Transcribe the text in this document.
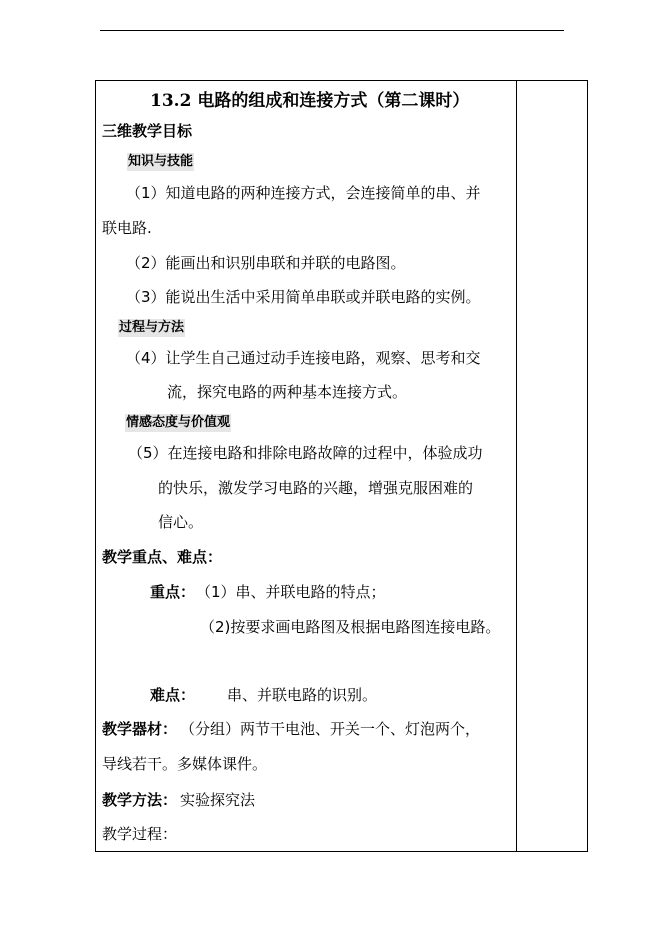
13.2 电路的组成和连接方式（第二课时）
三维教学目标
知识与技能
（1）知道电路的两种连接方式，会连接简单的串、并
联电路.
（2）能画出和识别串联和并联的电路图。
（3）能说出生活中采用简单串联或并联电路的实例。
过程与方法
（4）让学生自己通过动手连接电路，观察、思考和交
流，探究电路的两种基本连接方式。
情感态度与价值观
（5）在连接电路和排除电路故障的过程中，体验成功
的快乐，激发学习电路的兴趣，增强克服困难的
信心。
教学重点、难点：
重点： （1）串、并联电路的特点；
（2)按要求画电路图及根据电路图连接电路。
难点： 串、并联电路的识别。
教学器材： （分组）两节干电池、开关一个、灯泡两个，
导线若干。多媒体课件。
教学方法： 实验探究法
教学过程：
